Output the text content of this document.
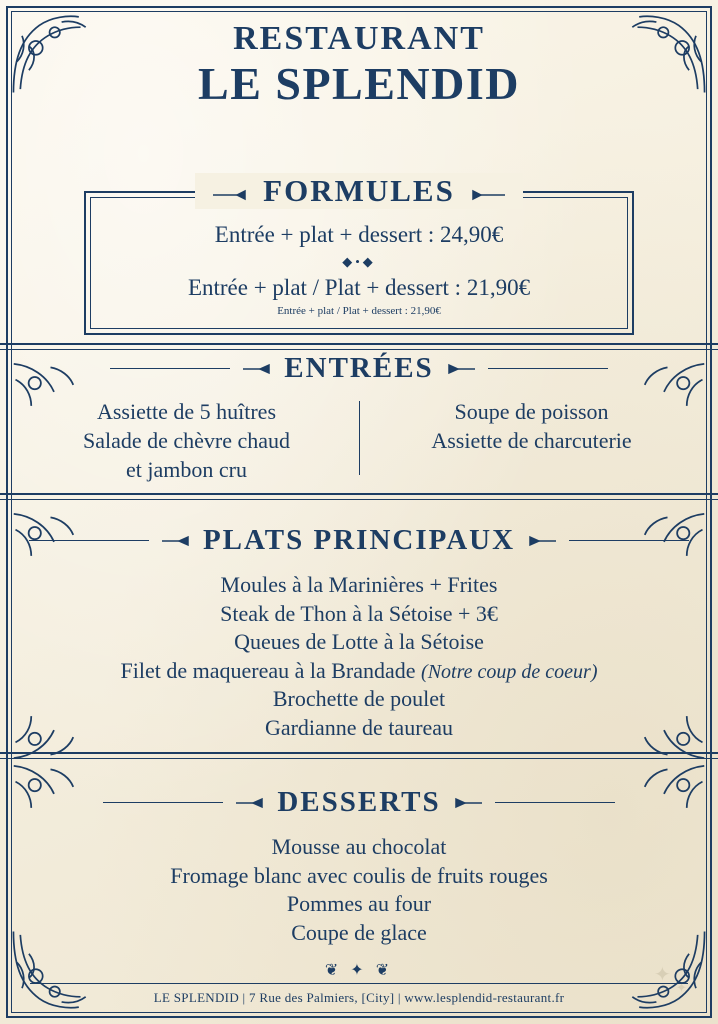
RESTAURANT
LE SPLENDID
FORMULES
Entrée + plat + dessert : 24,90€
◆•◆
Entrée + plat / Plat + dessert : 21,90€
Entrée + plat / Plat + dessert : 21,90€
ENTRÉES
Assiette de 5 huîtres
Salade de chèvre chaud
et jambon cru
Soupe de poisson
Assiette de charcuterie
PLATS PRINCIPAUX
Moules à la Marinières + Frites
Steak de Thon à la Sétoise + 3€
Queues de Lotte à la Sétoise
Filet de maquereau à la Brandade (Notre coup de coeur)
Brochette de poulet
Gardianne de taureau
DESSERTS
Mousse au chocolat
Fromage blanc avec coulis de fruits rouges
Pommes au four
Coupe de glace
✦
✦
❦ ✦ ❦
LE SPLENDID | 7 Rue des Palmiers, [City] | www.lesplendid-restaurant.fr
